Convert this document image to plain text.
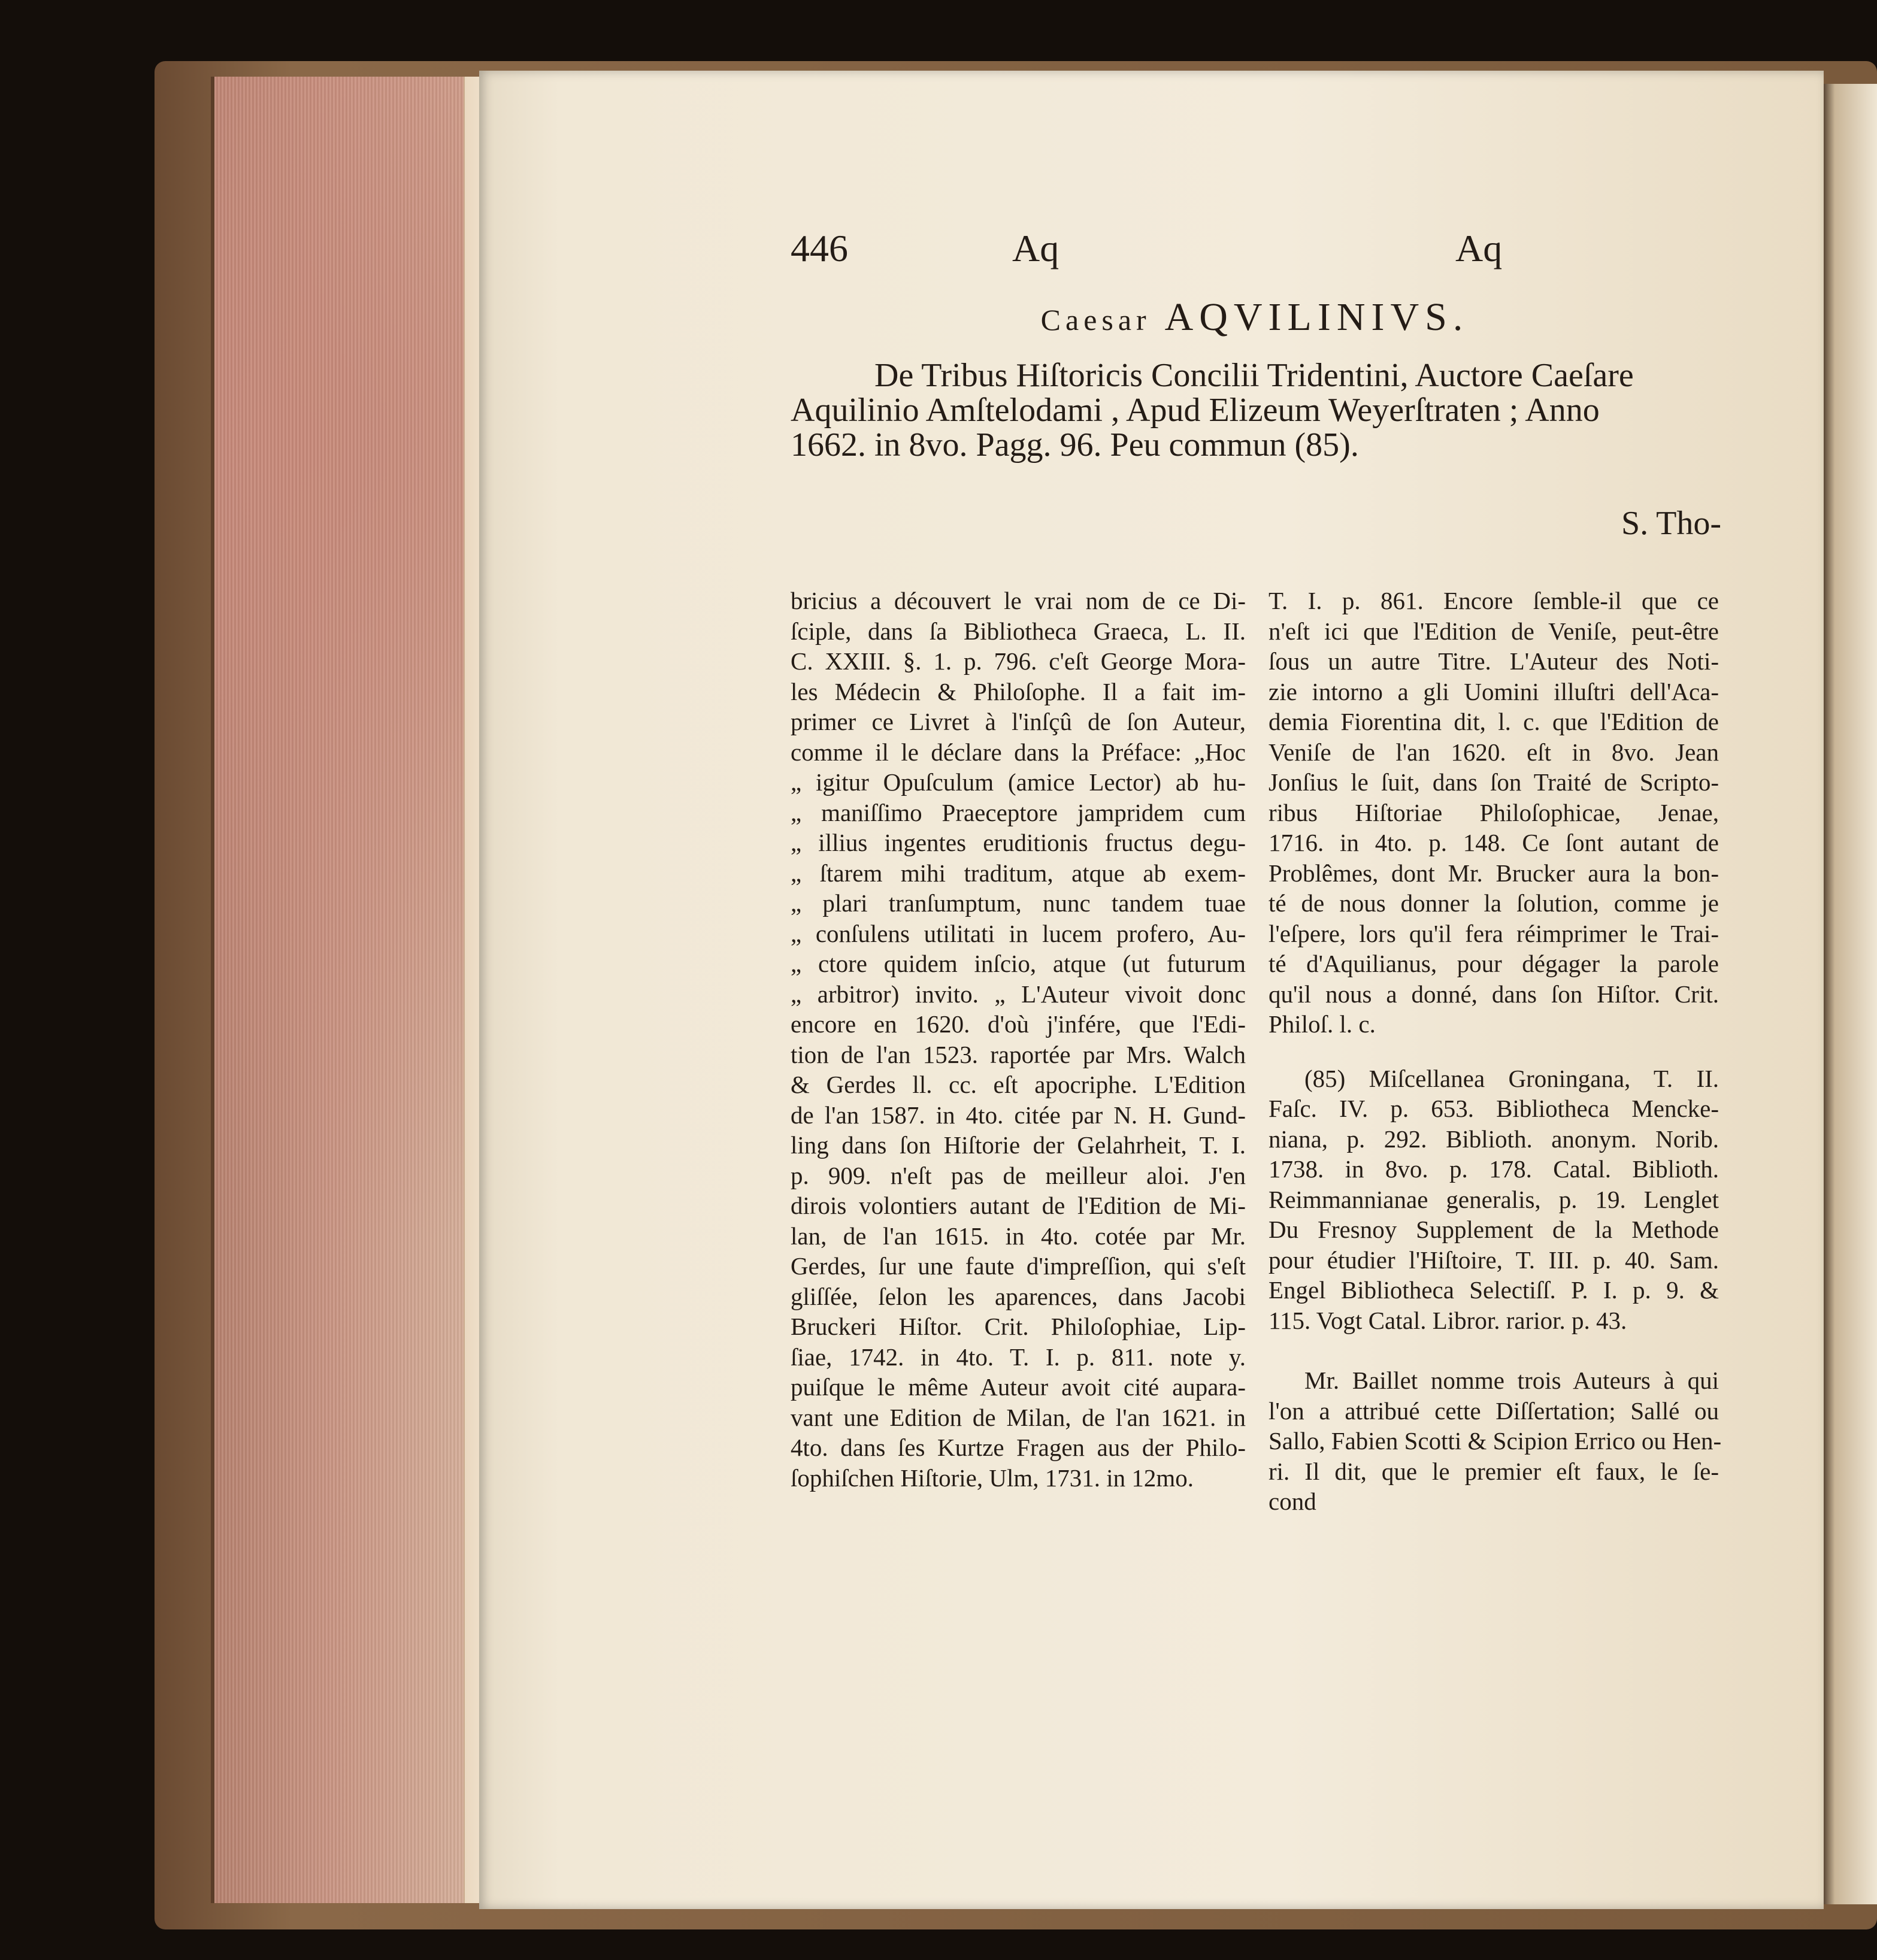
446	Aq	Aq
Caesar AQVILINIVS.
De Tribus Hiſtoricis Concilii Tridentini, Auctore Caeſare
Aquilinio Amſtelodami , Apud Elizeum Weyerſtraten ; Anno
1662. in 8vo. Pagg. 96. Peu commun (85).
S. Tho-
bricius a découvert le vrai nom de ce Di-
ſciple, dans ſa Bibliotheca Graeca, L. II.
C. XXIII. §. 1. p. 796. c'eſt George Mora-
les Médecin & Philoſophe. Il a fait im-
primer ce Livret à l'inſçû de ſon Auteur,
comme il le déclare dans la Préface: „Hoc
„ igitur Opuſculum (amice Lector) ab hu-
„ maniſſimo Praeceptore jampridem cum
„ illius ingentes eruditionis fructus degu-
„ ſtarem mihi traditum, atque ab exem-
„ plari tranſumptum, nunc tandem tuae
„ conſulens utilitati in lucem profero, Au-
„ ctore quidem inſcio, atque (ut futurum
„ arbitror) invito. „ L'Auteur vivoit donc
encore en 1620. d'où j'infére, que l'Edi-
tion de l'an 1523. raportée par Mrs. Walch
& Gerdes ll. cc. eſt apocriphe. L'Edition
de l'an 1587. in 4to. citée par N. H. Gund-
ling dans ſon Hiſtorie der Gelahrheit, T. I.
p. 909. n'eſt pas de meilleur aloi. J'en
dirois volontiers autant de l'Edition de Mi-
lan, de l'an 1615. in 4to. cotée par Mr.
Gerdes, ſur une faute d'impreſſion, qui s'eſt
gliſſée, ſelon les aparences, dans Jacobi
Bruckeri Hiſtor. Crit. Philoſophiae, Lip-
ſiae, 1742. in 4to. T. I. p. 811. note y.
puiſque le même Auteur avoit cité aupara-
vant une Edition de Milan, de l'an 1621. in
4to. dans ſes Kurtze Fragen aus der Philo-
ſophiſchen Hiſtorie, Ulm, 1731. in 12mo.

T. I. p. 861. Encore ſemble-il que ce
n'eſt ici que l'Edition de Veniſe, peut-être
ſous un autre Titre. L'Auteur des Noti-
zie intorno a gli Uomini illuſtri dell'Aca-
demia Fiorentina dit, l. c. que l'Edition de
Veniſe de l'an 1620. eſt in 8vo. Jean
Jonſius le ſuit, dans ſon Traité de Scripto-
ribus Hiſtoriae Philoſophicae, Jenae,
1716. in 4to. p. 148. Ce ſont autant de
Problêmes, dont Mr. Brucker aura la bon-
té de nous donner la ſolution, comme je
l'eſpere, lors qu'il fera réimprimer le Trai-
té d'Aquilianus, pour dégager la parole
qu'il nous a donné, dans ſon Hiſtor. Crit.
Philoſ. l. c.

(85) Miſcellanea Groningana, T. II.
Faſc. IV. p. 653. Bibliotheca Mencke-
niana, p. 292. Biblioth. anonym. Norib.
1738. in 8vo. p. 178. Catal. Biblioth.
Reimmannianae generalis, p. 19. Lenglet
Du Fresnoy Supplement de la Methode
pour étudier l'Hiſtoire, T. III. p. 40. Sam.
Engel Bibliotheca Selectiſſ. P. I. p. 9. &
115. Vogt Catal. Libror. rarior. p. 43.

Mr. Baillet nomme trois Auteurs à qui
l'on a attribué cette Diſſertation; Sallé ou
Sallo, Fabien Scotti & Scipion Errico ou Hen-
ri. Il dit, que le premier eſt faux, le ſe-
cond
